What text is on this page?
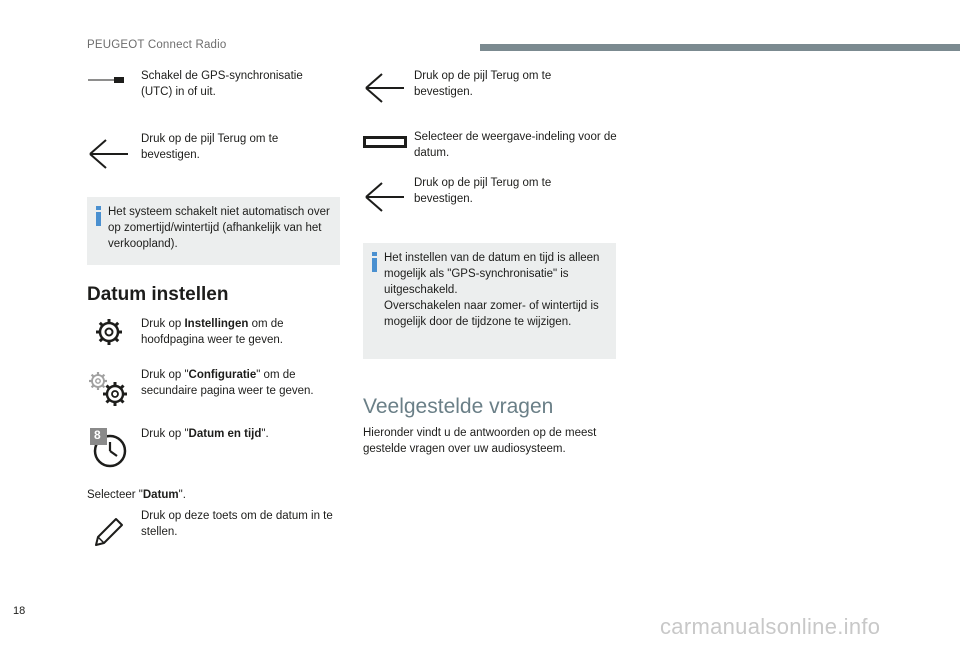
PEUGEOT Connect Radio
Schakel de GPS-synchronisatie (UTC) in of uit.
Druk op de pijl Terug om te bevestigen.
Het systeem schakelt niet automatisch over op zomertijd/wintertijd (afhankelijk van het verkoopland).
Datum instellen
Druk op Instellingen om de hoofdpagina weer te geven.
Druk op "Configuratie" om de secundaire pagina weer te geven.
8	Druk op "Datum en tijd".
Selecteer "Datum".
Druk op deze toets om de datum in te stellen.
Druk op de pijl Terug om te bevestigen.
Selecteer de weergave-indeling voor de datum.
Druk op de pijl Terug om te bevestigen.
Het instellen van de datum en tijd is alleen mogelijk als "GPS-synchronisatie" is uitgeschakeld.
Overschakelen naar zomer- of wintertijd is mogelijk door de tijdzone te wijzigen.
Veelgestelde vragen
Hieronder vindt u de antwoorden op de meest gestelde vragen over uw audiosysteem.
18
carmanualsonline.info
